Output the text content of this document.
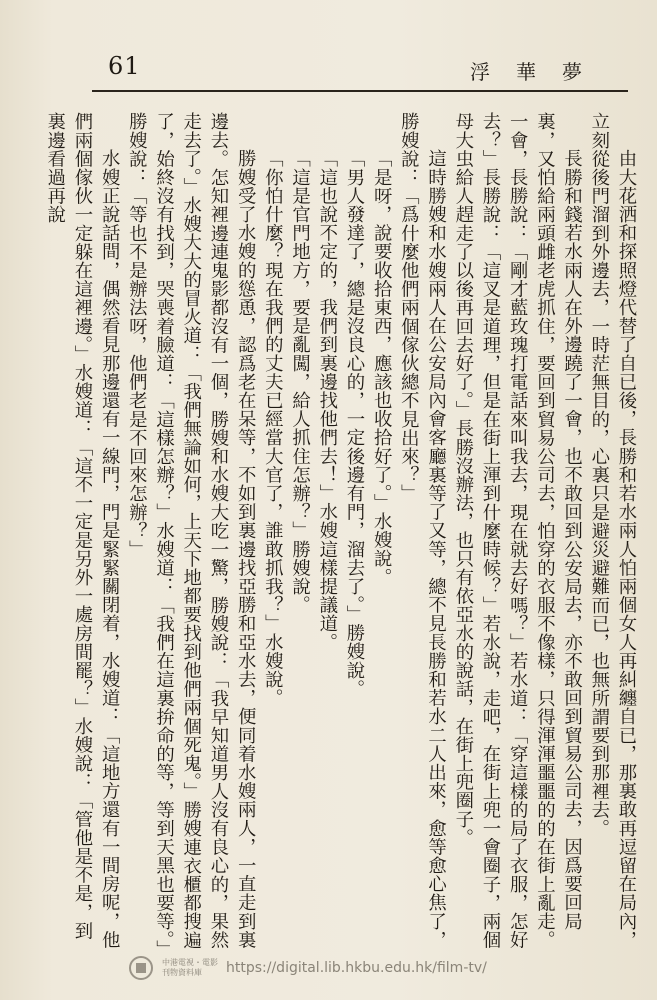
61	浮華夢

由大花洒和探照燈代替了自已後，長勝和若水兩人怕兩個女人再糾纏自已，那裏敢再逗留在局內，立刻從後門溜到外邊去，一時茫無目的，心裏只是避災避難而已，也無所謂要到那裡去。

長勝和錢若水兩人在外邊蹺了一會，也不敢回到公安局去，亦不敢回到貿易公司去，因爲要回局裏，又怕給兩頭雌老虎抓住，要回到貿易公司去，怕穿的衣服不像樣，只得渾渾噩噩的的在街上亂走。一會，長勝說：「剛才藍玫瑰打電話來叫我去，現在就去好嗎？」若水道：「穿這樣的局了衣服，怎好去？」長勝說：「這叉是道理，但是在街上渾到什麼時候？」若水說，走吧，在街上兜一會圈子，兩個母大虫給人趕走了以後再回去好了。」長勝沒辦法，也只有依亞水的說話，在街上兜圈子。

這時勝嫂和水嫂兩人在公安局內會客廳裏等了又等，總不見長勝和若水二人出來，愈等愈心焦了，勝嫂說：「爲什麼他們兩個傢伙總不見出來？」

「是呀，說要收拾東西，應該也收拾好了。」水嫂說。

「男人發達了，總是沒良心的，一定後邊有門，溜去了。」勝嫂說。

「這也說不定的，我們到裏邊找他們去！」水嫂這樣提議道。

「這是官門地方，要是亂闖，給人抓住怎辦？」勝嫂說。

「你怕什麼？現在我們的丈夫已經當大官了，誰敢抓我？」水嫂說。

勝嫂受了水嫂的慫恿，認爲老在呆等，不如到裏邊找亞勝和亞水去，便同着水嫂兩人，一直走到裏邊去。怎知裡邊連鬼影都沒有一個，勝嫂和水嫂大吃一驚，勝嫂說：「我早知道男人沒有良心的，果然走去了。」水嫂大大的冒火道：「我們無論如何，上天下地都要找到他們兩個死鬼。」勝嫂連衣櫃都搜遍了，始終沒有找到，哭喪着臉道：「這樣怎辦？」水嫂道：「我們在這裏拚命的等，等到天黑也要等。」勝嫂說：「等也不是辦法呀，他們老是不回來怎辦？」

水嫂正說話間，偶然看見那邊還有一線門，門是緊緊關閉着，水嫂道：「這地方還有一間房呢，他們兩個傢伙一定躲在這裡邊。」水嫂道：「這不一定是另外一處房間罷？」水嫂說：「管他是不是，到裏邊看過再說

中港電視・電影
刊物資料庫	https://digital.lib.hkbu.edu.hk/film-tv/
